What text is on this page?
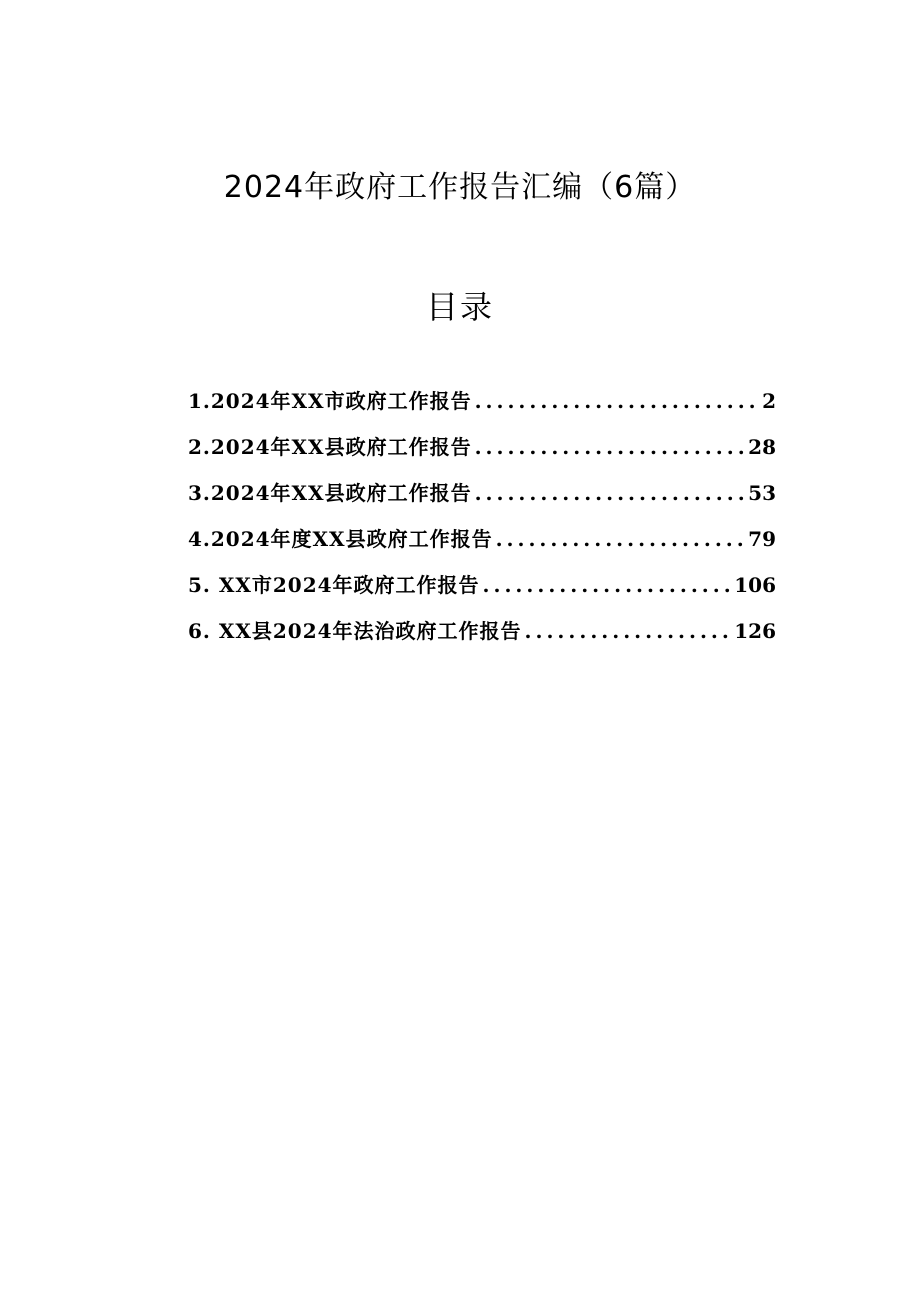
2024年政府工作报告汇编（6篇）
目录
1.2024年XX市政府工作报告 .....	2
2.2024年XX县政府工作报告 .....	28
3.2024年XX县政府工作报告 .....	53
4.2024年度XX县政府工作报告 .....	79
5. XX市2024年政府工作报告 .....	106
6. XX县2024年法治政府工作报告 .....	126
